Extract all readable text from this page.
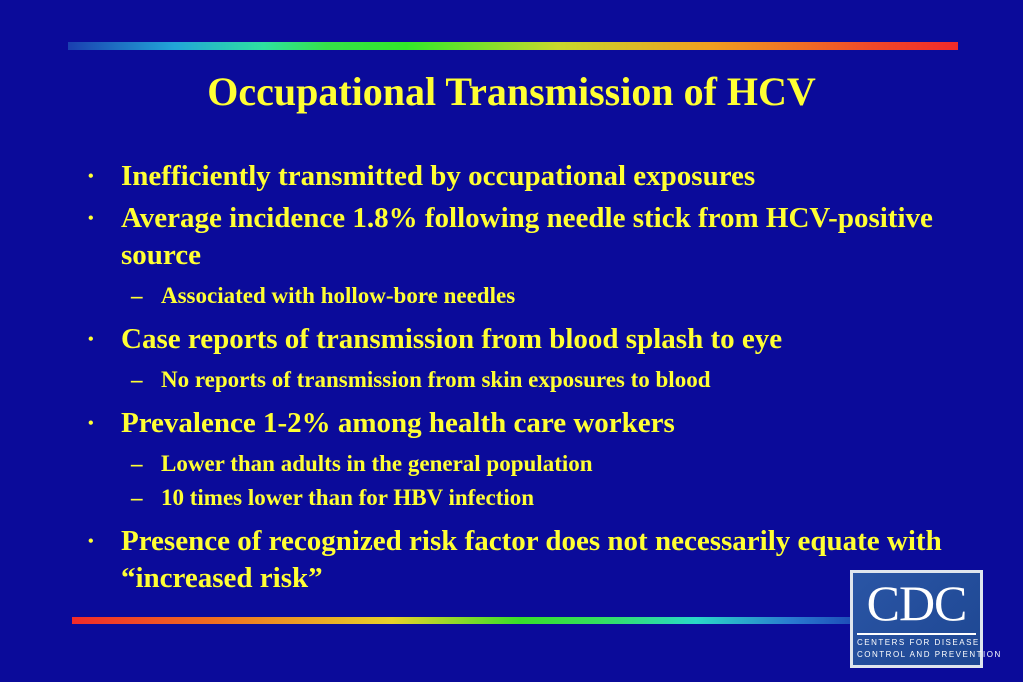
Occupational Transmission of HCV
• Inefficiently transmitted by occupational exposures
• Average incidence 1.8% following needle stick from HCV-positive source
– Associated with hollow-bore needles
• Case reports of transmission from blood splash to eye
– No reports of transmission from skin exposures to blood
• Prevalence 1-2% among health care workers
– Lower than adults in the general population
– 10 times lower than for HBV infection
• Presence of recognized risk factor does not necessarily equate with “increased risk”	CDC
CENTERS FOR DISEASE
CONTROL AND PREVENTION
